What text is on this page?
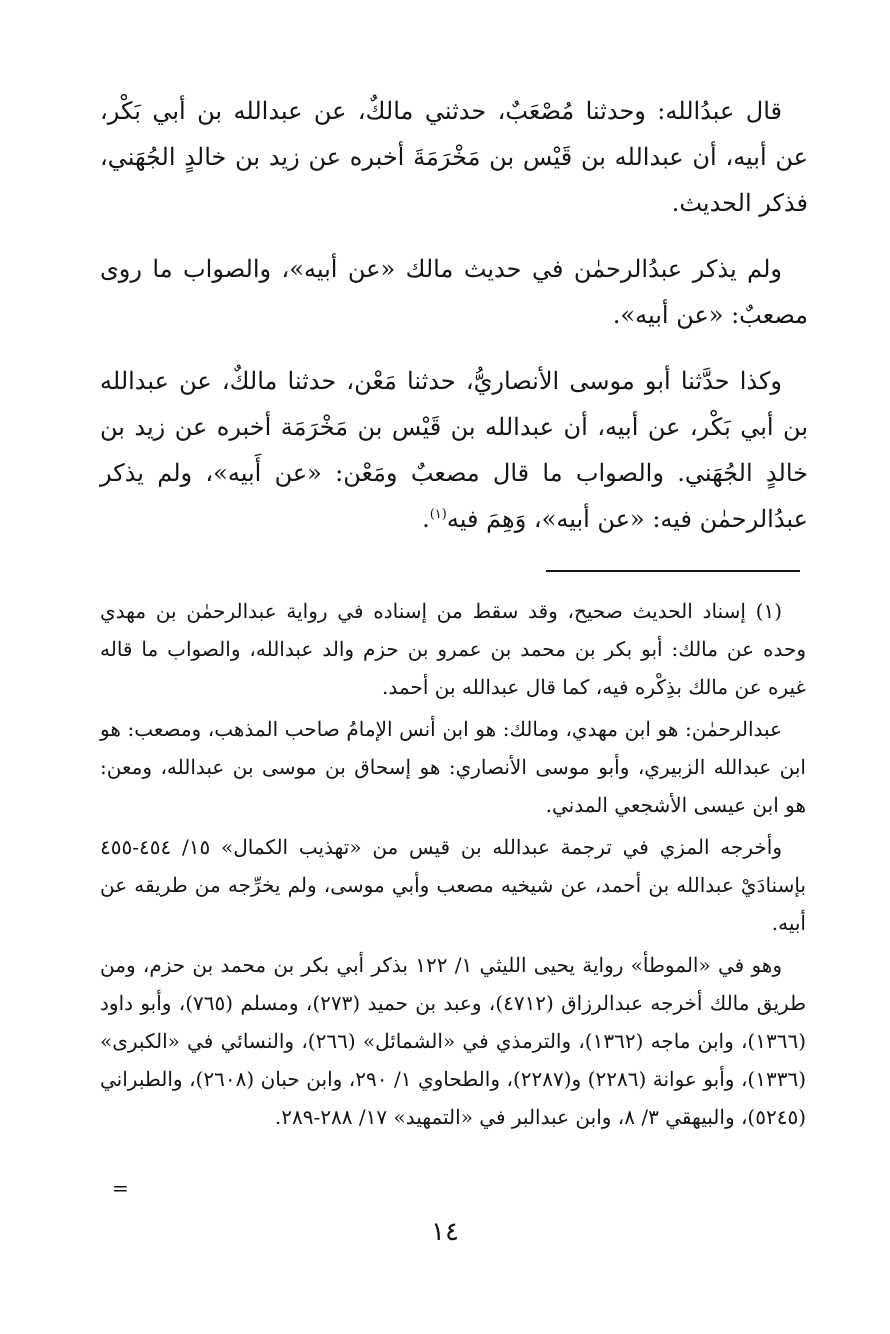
قال عبدُالله: وحدثنا مُصْعَبٌ، حدثني مالكٌ، عن عبدالله بن أبي بَكْر، عن أبيه، أن عبدالله بن قَيْس بن مَخْرَمَةَ أخبره عن زيد بن خالدٍ الجُهَني، فذكر الحديث.

ولم يذكر عبدُالرحمٰن في حديث مالك «عن أبيه»، والصواب ما روى مصعبٌ: «عن أبيه».

وكذا حدَّثنا أبو موسى الأنصاريُّ، حدثنا مَعْن، حدثنا مالكٌ، عن عبدالله بن أبي بَكْر، عن أبيه، أن عبدالله بن قَيْس بن مَخْرَمَة أخبره عن زيد بن خالدٍ الجُهَني. والصواب ما قال مصعبٌ ومَعْن: «عن أَبيه»، ولم يذكر عبدُالرحمٰن فيه: «عن أبيه»، وَهِمَ فيه$^{(١)}$.

(١) إسناد الحديث صحيح، وقد سقط من إسناده في رواية عبدالرحمٰن بن مهدي وحده عن مالك: أبو بكر بن محمد بن عمرو بن حزم والد عبدالله، والصواب ما قاله غيره عن مالك بذِكْره فيه، كما قال عبدالله بن أحمد.

عبدالرحمٰن: هو ابن مهدي، ومالك: هو ابن أنس الإمامُ صاحب المذهب، ومصعب: هو ابن عبدالله الزبيري، وأبو موسى الأنصاري: هو إسحاق بن موسى بن عبدالله، ومعن: هو ابن عيسى الأشجعي المدني.

وأخرجه المزي في ترجمة عبدالله بن قيس من «تهذيب الكمال» ١٥/ ٤٥٤-٤٥٥ بإسنادَيْ عبدالله بن أحمد، عن شيخيه مصعب وأبي موسى، ولم يخرِّجه من طريقه عن أبيه.

وهو في «الموطأ» رواية يحيى الليثي ١/ ١٢٢ بذكر أبي بكر بن محمد بن حزم، ومن طريق مالك أخرجه عبدالرزاق (٤٧١٢)، وعبد بن حميد (٢٧٣)، ومسلم (٧٦٥)، وأبو داود (١٣٦٦)، وابن ماجه (١٣٦٢)، والترمذي في «الشمائل» (٢٦٦)، والنسائي في «الكبرى» (١٣٣٦)، وأبو عوانة (٢٢٨٦) و(٢٢٨٧)، والطحاوي ١/ ٢٩٠، وابن حبان (٢٦٠٨)، والطبراني (٥٢٤٥)، والبيهقي ٣/ ٨، وابن عبدالبر في «التمهيد» ١٧/ ٢٨٨-٢٨٩.

=
١٤
